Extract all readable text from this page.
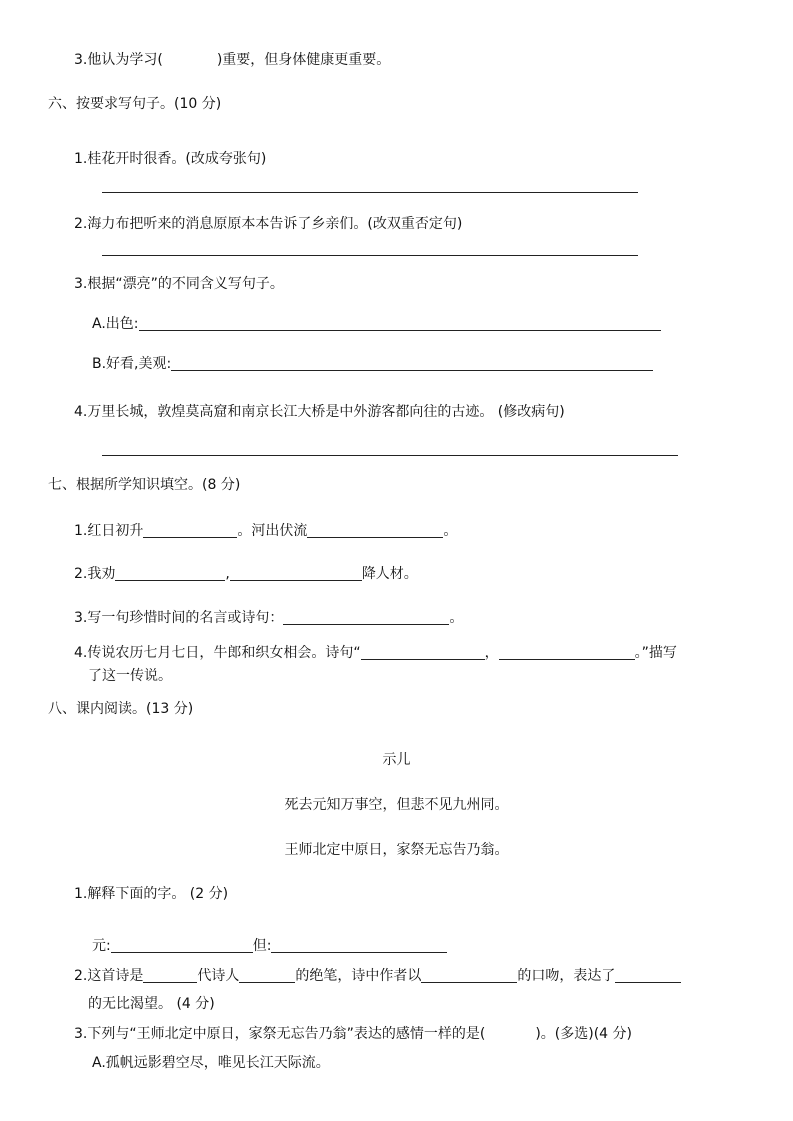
3.他认为学习(	)重要，但身体健康更重要。
六、按要求写句子。(10 分)
1.桂花开时很香。(改成夸张句)
2.海力布把听来的消息原原本本告诉了乡亲们。(改双重否定句)
3.根据“漂亮”的不同含义写句子。
A.出色:
B.好看,美观:
4.万里长城，敦煌莫高窟和南京长江大桥是中外游客都向往的古迹。 (修改病句)
七、根据所学知识填空。(8 分)
1.红日初升	。河出伏流	。
2.我劝	,	降人材。
3.写一句珍惜时间的名言或诗句：	。
4.传说农历七月七日，牛郎和织女相会。诗句“	，	。”描写
了这一传说。
八、课内阅读。(13 分)
示儿
死去元知万事空，但悲不见九州同。
王师北定中原日，家祭无忘告乃翁。
1.解释下面的字。 (2 分)
元:	但:
2.这首诗是	代诗人	的绝笔，诗中作者以	的口吻，表达了
的无比渴望。 (4 分)
3.下列与“王师北定中原日，家祭无忘告乃翁”表达的感情一样的是(	)。(多选)(4 分)
A.孤帆远影碧空尽，唯见长江天际流。
